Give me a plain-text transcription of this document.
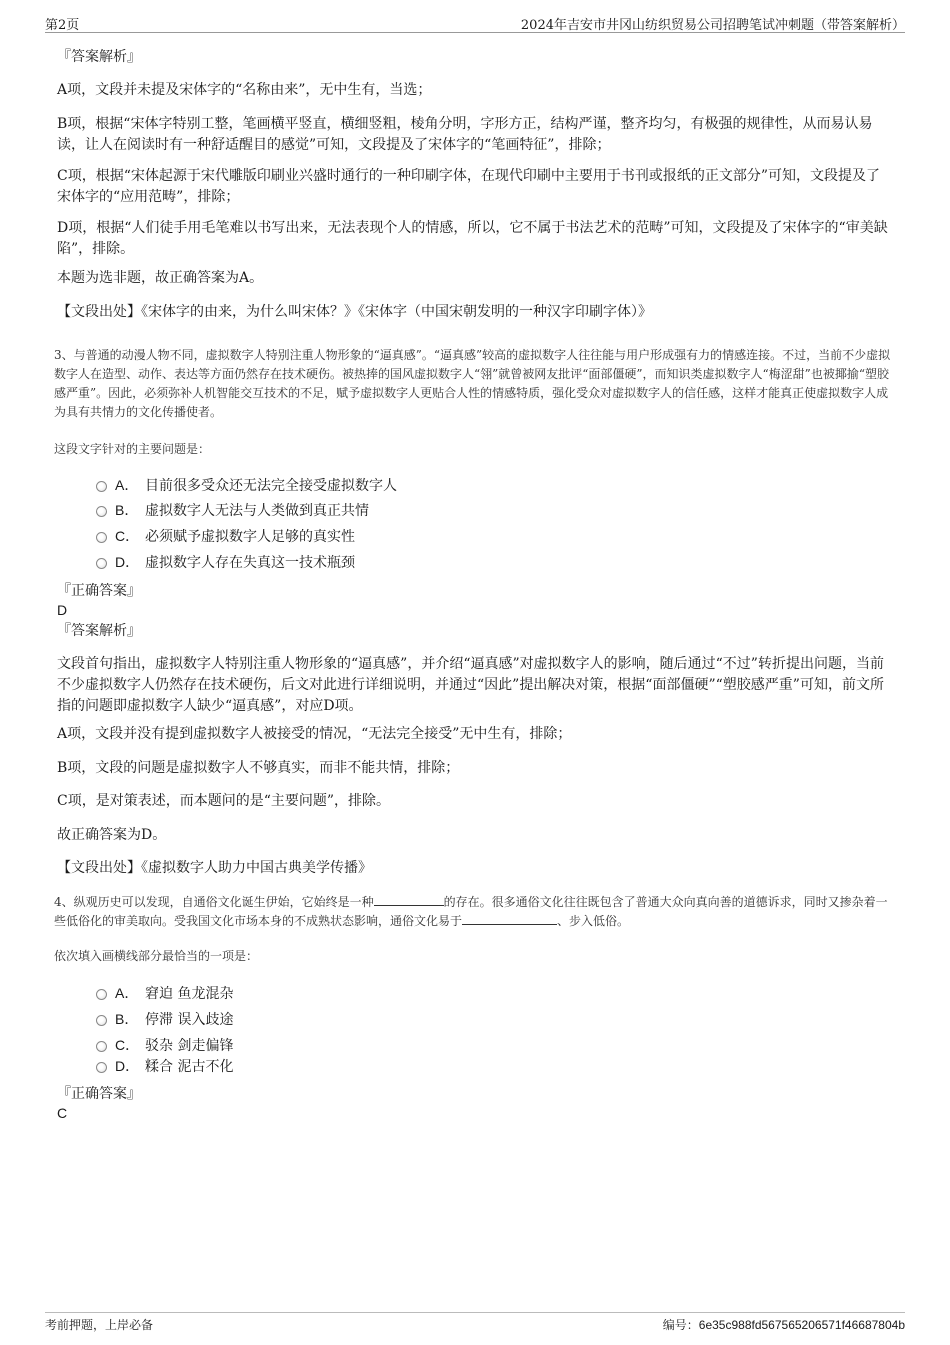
第2页	2024年吉安市井冈山纺织贸易公司招聘笔试冲刺题（带答案解析）
『答案解析』
A项，文段并未提及宋体字的“名称由来”，无中生有，当选；
B项，根据“宋体字特别工整，笔画横平竖直，横细竖粗，棱角分明，字形方正，结构严谨，整齐均匀，有极强的规律性，从而易认易读，让人在阅读时有一种舒适醒目的感觉”可知，文段提及了宋体字的“笔画特征”，排除；
C项，根据“宋体起源于宋代雕版印刷业兴盛时通行的一种印刷字体，在现代印刷中主要用于书刊或报纸的正文部分”可知，文段提及了宋体字的“应用范畴”，排除；
D项，根据“人们徒手用毛笔难以书写出来，无法表现个人的情感，所以，它不属于书法艺术的范畴”可知，文段提及了宋体字的“审美缺陷”，排除。
本题为选非题，故正确答案为A。
【文段出处】《宋体字的由来，为什么叫宋体？》《宋体字（中国宋朝发明的一种汉字印刷字体）》
3、与普通的动漫人物不同，虚拟数字人特别注重人物形象的“逼真感”。“逼真感”较高的虚拟数字人往往能与用户形成强有力的情感连接。不过，当前不少虚拟数字人在造型、动作、表达等方面仍然存在技术硬伤。被热捧的国风虚拟数字人“翎”就曾被网友批评“面部僵硬”，而知识类虚拟数字人“梅涩甜”也被揶揄“塑胶感严重”。因此，必须弥补人机智能交互技术的不足，赋予虚拟数字人更贴合人性的情感特质，强化受众对虚拟数字人的信任感，这样才能真正使虚拟数字人成为具有共情力的文化传播使者。
这段文字针对的主要问题是：
A． 目前很多受众还无法完全接受虚拟数字人
B． 虚拟数字人无法与人类做到真正共情
C． 必须赋予虚拟数字人足够的真实性
D． 虚拟数字人存在失真这一技术瓶颈
『正确答案』
D
『答案解析』
文段首句指出，虚拟数字人特别注重人物形象的“逼真感”，并介绍“逼真感”对虚拟数字人的影响，随后通过“不过”转折提出问题，当前不少虚拟数字人仍然存在技术硬伤，后文对此进行详细说明，并通过“因此”提出解决对策，根据“面部僵硬”“塑胶感严重”可知，前文所指的问题即虚拟数字人缺少“逼真感”，对应D项。
A项，文段并没有提到虚拟数字人被接受的情况，“无法完全接受”无中生有，排除；
B项，文段的问题是虚拟数字人不够真实，而非不能共情，排除；
C项，是对策表述，而本题问的是“主要问题”，排除。
故正确答案为D。
【文段出处】《虚拟数字人助力中国古典美学传播》
4、纵观历史可以发现，自通俗文化诞生伊始，它始终是一种	的存在。很多通俗文化往往既包含了普通大众向真向善的道德诉求，同时又掺杂着一些低俗化的审美取向。受我国文化市场本身的不成熟状态影响，通俗文化易于	、步入低俗。
依次填入画横线部分最恰当的一项是：
A． 窘迫 鱼龙混杂
B． 停滞 误入歧途
C． 驳杂 剑走偏锋
D． 糅合 泥古不化
『正确答案』
C
考前押题，上岸必备	编号：6e35c988fd567565206571f46687804b
